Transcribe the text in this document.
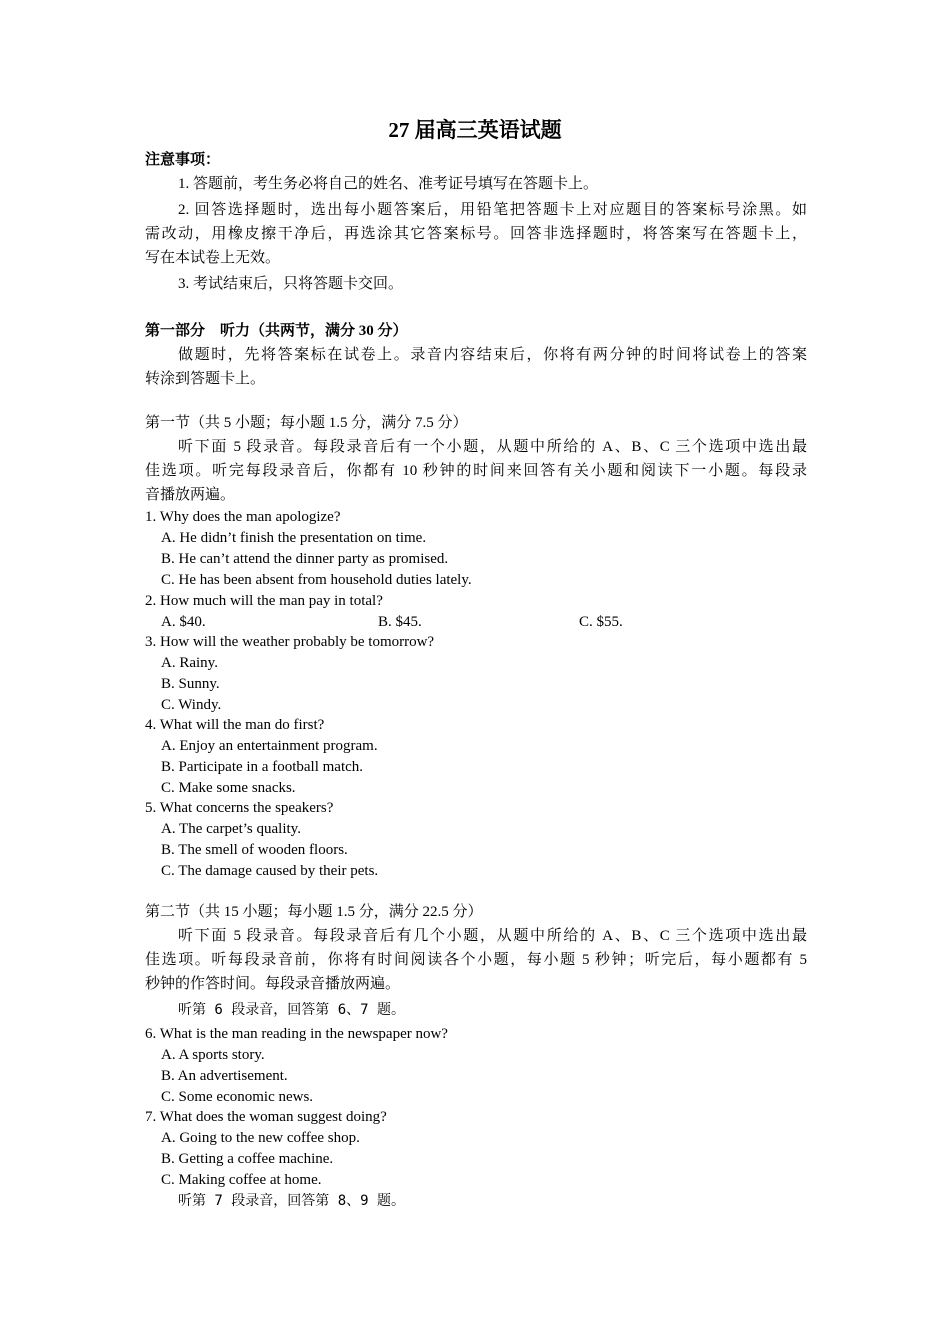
27 届高三英语试题
注意事项：
1. 答题前，考生务必将自己的姓名、准考证号填写在答题卡上。
2. 回答选择题时，选出每小题答案后，用铅笔把答题卡上对应题目的答案标号涂黑。如
需改动，用橡皮擦干净后，再选涂其它答案标号。回答非选择题时，将答案写在答题卡上，
写在本试卷上无效。
3. 考试结束后，只将答题卡交回。
第一部分　听力（共两节，满分 30 分）
做题时，先将答案标在试卷上。录音内容结束后，你将有两分钟的时间将试卷上的答案
转涂到答题卡上。
第一节（共 5 小题；每小题 1.5 分，满分 7.5 分）
听下面 5 段录音。每段录音后有一个小题，从题中所给的 A、B、C 三个选项中选出最
佳选项。听完每段录音后，你都有 10 秒钟的时间来回答有关小题和阅读下一小题。每段录
音播放两遍。
1. Why does the man apologize?
A. He didn’t finish the presentation on time.
B. He can’t attend the dinner party as promised.
C. He has been absent from household duties lately.
2. How much will the man pay in total?
A. $40.	B. $45.	C. $55.
3. How will the weather probably be tomorrow?
A. Rainy.
B. Sunny.
C. Windy.
4. What will the man do first?
A. Enjoy an entertainment program.
B. Participate in a football match.
C. Make some snacks.
5. What concerns the speakers?
A. The carpet’s quality.
B. The smell of wooden floors.
C. The damage caused by their pets.
第二节（共 15 小题；每小题 1.5 分，满分 22.5 分）
听下面 5 段录音。每段录音后有几个小题，从题中所给的 A、B、C 三个选项中选出最
佳选项。听每段录音前，你将有时间阅读各个小题，每小题 5 秒钟；听完后，每小题都有 5
秒钟的作答时间。每段录音播放两遍。
听第 6 段录音，回答第 6、7 题。
6. What is the man reading in the newspaper now?
A. A sports story.
B. An advertisement.
C. Some economic news.
7. What does the woman suggest doing?
A. Going to the new coffee shop.
B. Getting a coffee machine.
C. Making coffee at home.
听第 7 段录音，回答第 8、9 题。
